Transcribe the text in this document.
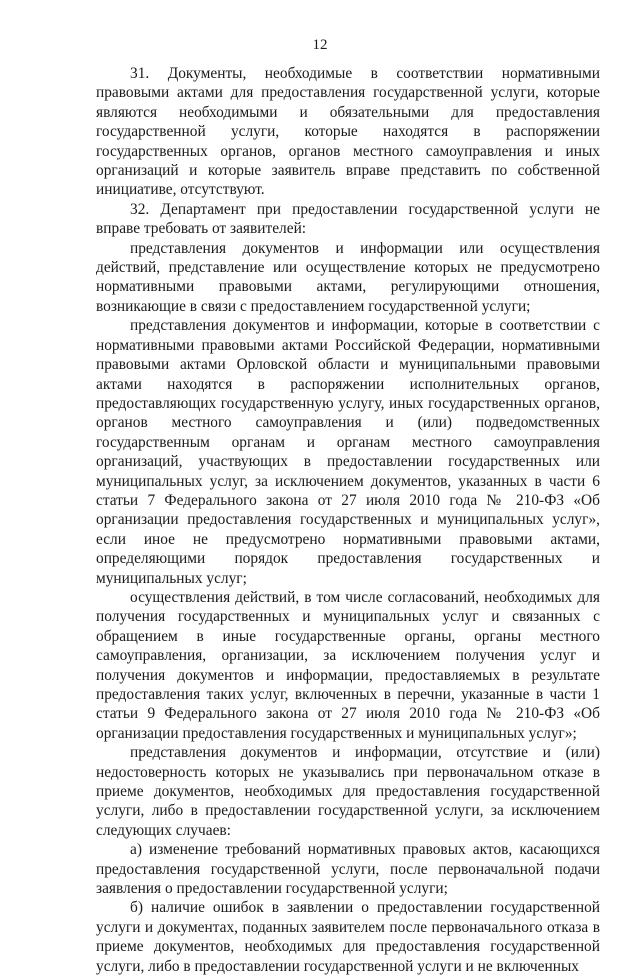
12

31. Документы, необходимые в соответствии нормативными правовыми актами для предоставления государственной услуги, которые являются необходимыми и обязательными для предоставления государственной услуги, которые находятся в распоряжении государственных органов, органов местного самоуправления и иных организаций и которые заявитель вправе представить по собственной инициативе, отсутствуют.

32. Департамент при предоставлении государственной услуги не вправе требовать от заявителей:

представления документов и информации или осуществления действий, представление или осуществление которых не предусмотрено нормативными правовыми актами, регулирующими отношения, возникающие в связи с предоставлением государственной услуги;

представления документов и информации, которые в соответствии с нормативными правовыми актами Российской Федерации, нормативными правовыми актами Орловской области и муниципальными правовыми актами находятся в распоряжении исполнительных органов, предоставляющих государственную услугу, иных государственных органов, органов местного самоуправления и (или) подведомственных государственным органам и органам местного самоуправления организаций, участвующих в предоставлении государственных или муниципальных услуг, за исключением документов, указанных в части 6 статьи 7 Федерального закона от 27 июля 2010 года № 210-ФЗ «Об организации предоставления государственных и муниципальных услуг», если иное не предусмотрено нормативными правовыми актами, определяющими порядок предоставления государственных и муниципальных услуг;

осуществления действий, в том числе согласований, необходимых для получения государственных и муниципальных услуг и связанных с обращением в иные государственные органы, органы местного самоуправления, организации, за исключением получения услуг и получения документов и информации, предоставляемых в результате предоставления таких услуг, включенных в перечни, указанные в части 1 статьи 9 Федерального закона от 27 июля 2010 года № 210-ФЗ «Об организации предоставления государственных и муниципальных услуг»;

представления документов и информации, отсутствие и (или) недостоверность которых не указывались при первоначальном отказе в приеме документов, необходимых для предоставления государственной услуги, либо в предоставлении государственной услуги, за исключением следующих случаев:

а) изменение требований нормативных правовых актов, касающихся предоставления государственной услуги, после первоначальной подачи заявления о предоставлении государственной услуги;

б) наличие ошибок в заявлении о предоставлении государственной услуги и документах, поданных заявителем после первоначального отказа в приеме документов, необходимых для предоставления государственной услуги, либо в предоставлении государственной услуги и не включенных
